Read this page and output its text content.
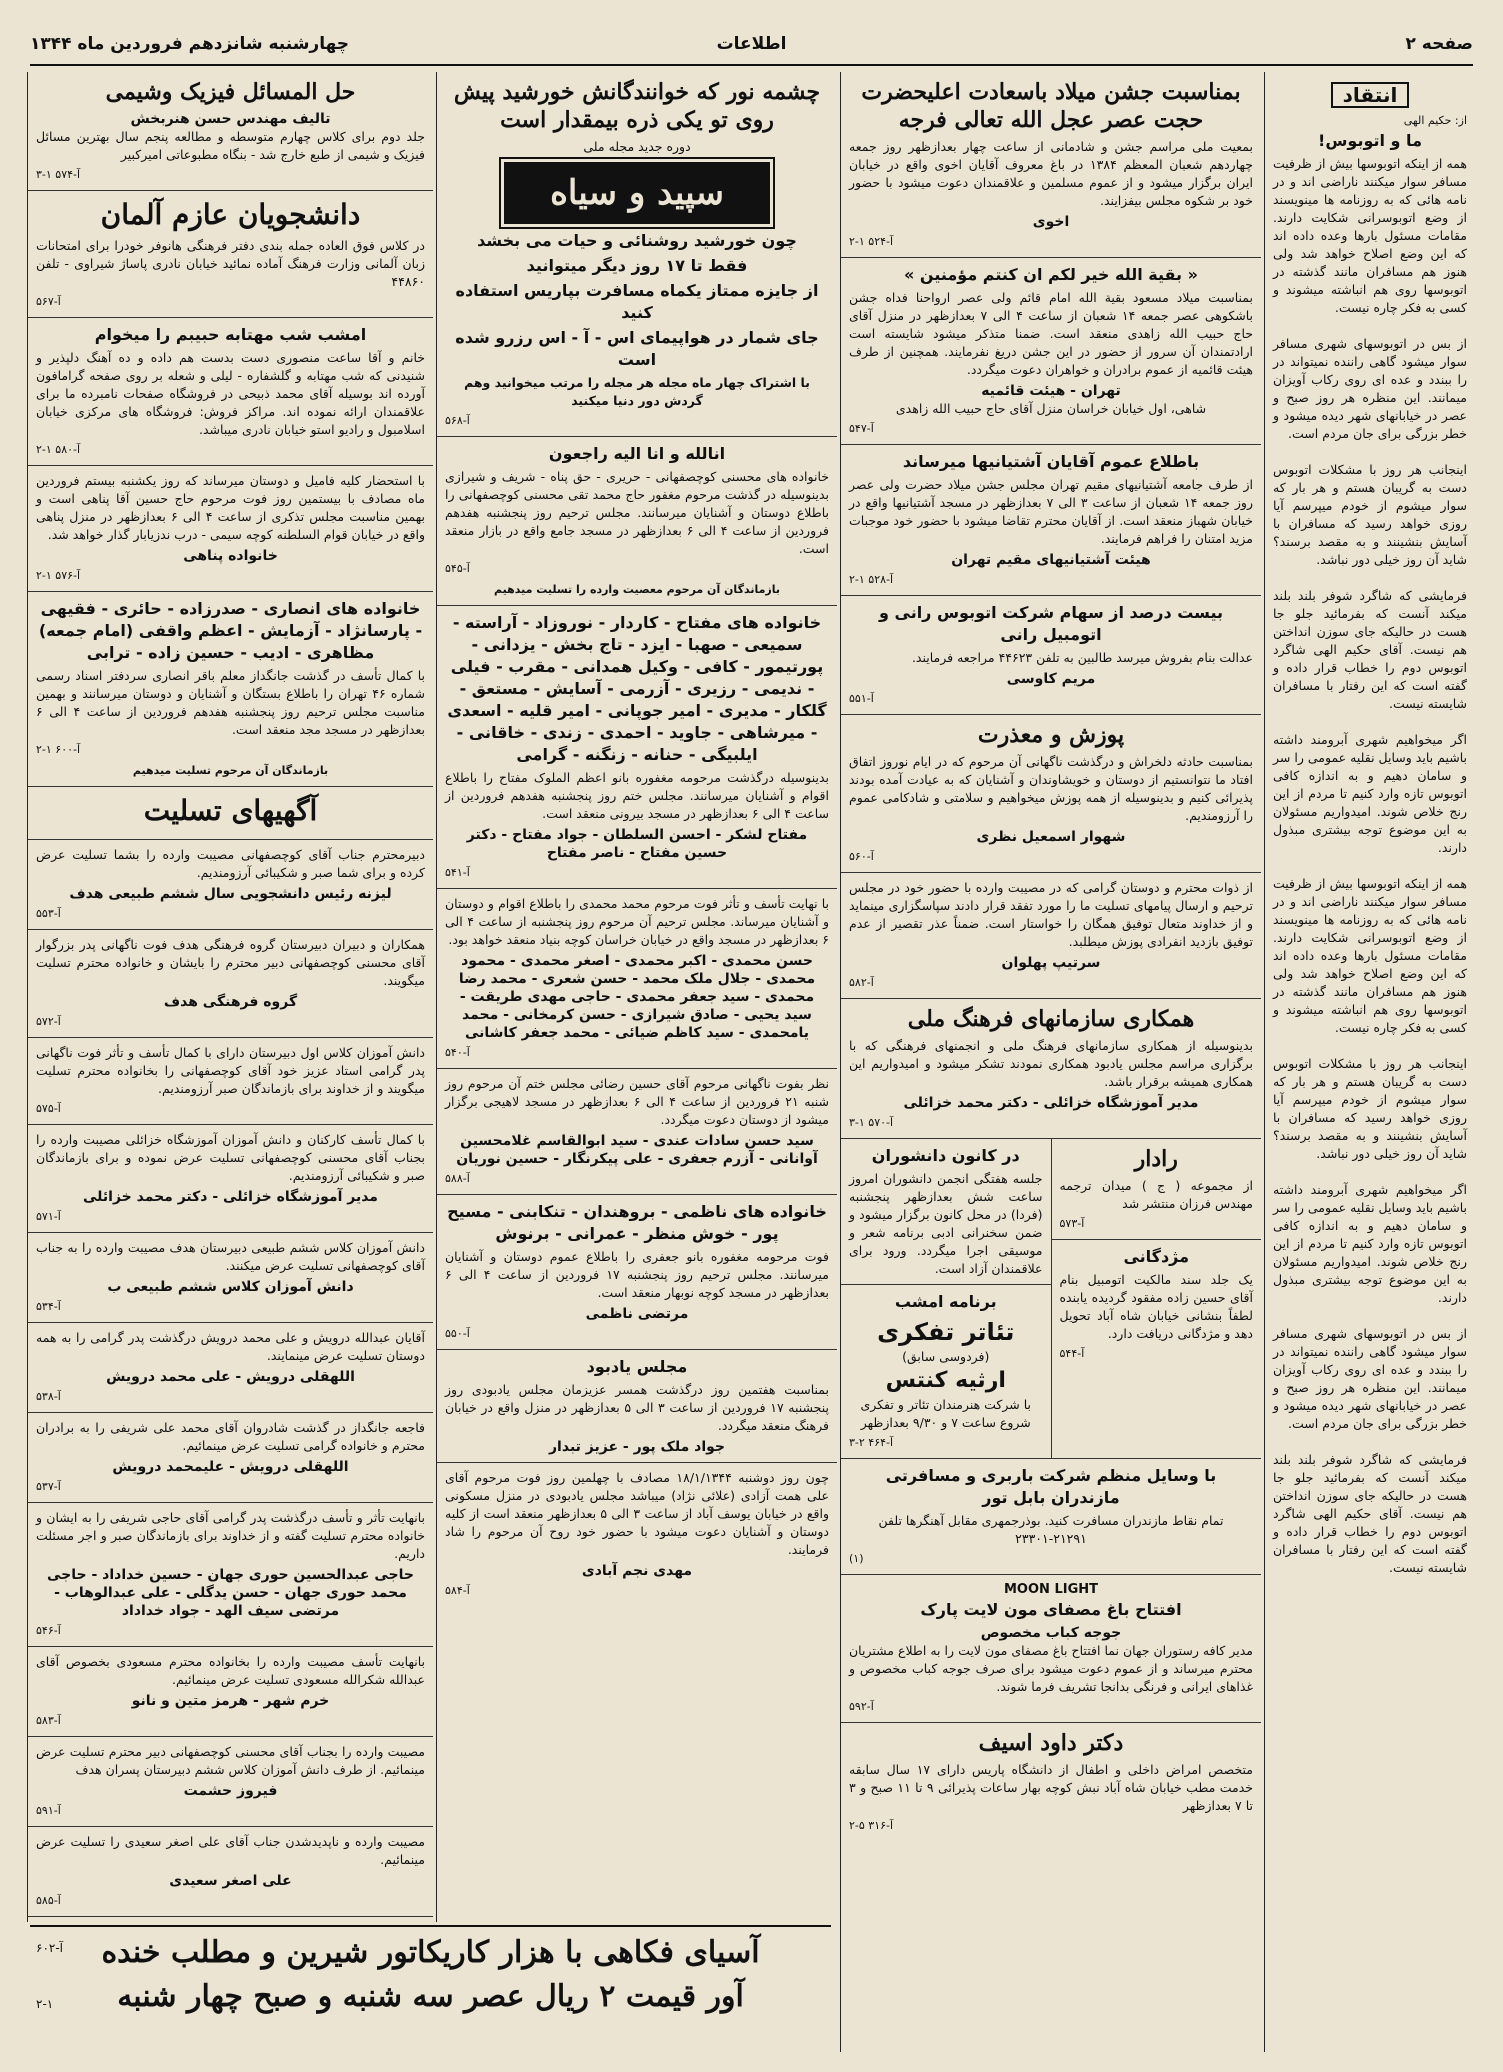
صفحه ۲
اطلاعات
چهارشنبه شانزدهم فروردین ماه ۱۳۴۴
انتقاد

از: حکیم الهی

ما و اتوبوس!

همه از اینکه اتوبوسها بیش از ظرفیت مسافر سوار میکنند ناراضی اند و در نامه هائی که به روزنامه ها مینویسند از وضع اتوبوسرانی شکایت دارند. مقامات مسئول بارها وعده داده اند که این وضع اصلاح خواهد شد ولی هنوز هم مسافران مانند گذشته در اتوبوسها روی هم انباشته میشوند و کسی به فکر چاره نیست.

از بس در اتوبوسهای شهری مسافر سوار میشود گاهی راننده نمیتواند در را ببندد و عده ای روی رکاب آویزان میمانند. این منظره هر روز صبح و عصر در خیابانهای شهر دیده میشود و خطر بزرگی برای جان مردم است.

اینجانب هر روز با مشکلات اتوبوس دست به گریبان هستم و هر بار که سوار میشوم از خودم میپرسم آیا روزی خواهد رسید که مسافران با آسایش بنشینند و به مقصد برسند؟ شاید آن روز خیلی دور نباشد.

فرمایشی که شاگرد شوفر بلند بلند میکند آنست که بفرمائید جلو جا هست در حالیکه جای سوزن انداختن هم نیست. آقای حکیم الهی شاگرد اتوبوس دوم را خطاب قرار داده و گفته است که این رفتار با مسافران شایسته نیست.

اگر میخواهیم شهری آبرومند داشته باشیم باید وسایل نقلیه عمومی را سر و سامان دهیم و به اندازه کافی اتوبوس تازه وارد کنیم تا مردم از این رنج خلاص شوند. امیدواریم مسئولان به این موضوع توجه بیشتری مبذول دارند.

همه از اینکه اتوبوسها بیش از ظرفیت مسافر سوار میکنند ناراضی اند و در نامه هائی که به روزنامه ها مینویسند از وضع اتوبوسرانی شکایت دارند. مقامات مسئول بارها وعده داده اند که این وضع اصلاح خواهد شد ولی هنوز هم مسافران مانند گذشته در اتوبوسها روی هم انباشته میشوند و کسی به فکر چاره نیست.

اینجانب هر روز با مشکلات اتوبوس دست به گریبان هستم و هر بار که سوار میشوم از خودم میپرسم آیا روزی خواهد رسید که مسافران با آسایش بنشینند و به مقصد برسند؟ شاید آن روز خیلی دور نباشد.

اگر میخواهیم شهری آبرومند داشته باشیم باید وسایل نقلیه عمومی را سر و سامان دهیم و به اندازه کافی اتوبوس تازه وارد کنیم تا مردم از این رنج خلاص شوند. امیدواریم مسئولان به این موضوع توجه بیشتری مبذول دارند.

از بس در اتوبوسهای شهری مسافر سوار میشود گاهی راننده نمیتواند در را ببندد و عده ای روی رکاب آویزان میمانند. این منظره هر روز صبح و عصر در خیابانهای شهر دیده میشود و خطر بزرگی برای جان مردم است.

فرمایشی که شاگرد شوفر بلند بلند میکند آنست که بفرمائید جلو جا هست در حالیکه جای سوزن انداختن هم نیست. آقای حکیم الهی شاگرد اتوبوس دوم را خطاب قرار داده و گفته است که این رفتار با مسافران شایسته نیست.

بمناسبت جشن میلاد باسعادت اعلیحضرت حجت عصر عجل الله تعالی فرجه

بمعیت ملی مراسم جشن و شادمانی از ساعت چهار بعدازظهر روز جمعه چهاردهم شعبان المعظم ۱۳۸۴ در باغ معروف آقایان اخوی واقع در خیابان ایران برگزار میشود و از عموم مسلمین و علاقمندان دعوت میشود با حضور خود بر شکوه مجلس بیفزایند.

اخوی
۲-۱ آ-۵۲۴
« بقیة الله خیر لکم ان کنتم مؤمنین »

بمناسبت میلاد مسعود بقیة الله امام قائم ولی عصر ارواحنا فداه جشن باشکوهی عصر جمعه ۱۴ شعبان از ساعت ۴ الی ۷ بعدازظهر در منزل آقای حاج حبیب الله زاهدی منعقد است. ضمنا متذکر میشود شایسته است ارادتمندان آن سرور از حضور در این جشن دریغ نفرمایند. همچنین از طرف هیئت قائمیه از عموم برادران و خواهران دعوت میگردد.

تهران - هیئت قائمیه

شاهی، اول خیابان خراسان منزل آقای حاج حبیب الله زاهدی

آ-۵۴۷
باطلاع عموم آقایان آشتیانیها میرساند

از طرف جامعه آشتیانیهای مقیم تهران مجلس جشن میلاد حضرت ولی عصر روز جمعه ۱۴ شعبان از ساعت ۳ الی ۷ بعدازظهر در مسجد آشتیانیها واقع در خیابان شهباز منعقد است. از آقایان محترم تقاضا میشود با حضور خود موجبات مزید امتنان را فراهم فرمایند.

هیئت آشتیانیهای مقیم تهران
۲-۱ آ-۵۲۸
بیست درصد از سهام شرکت اتوبوس رانی و اتومبیل رانی

عدالت بنام بفروش میرسد طالبین به تلفن ۴۴۶۲۳ مراجعه فرمایند.

مریم کاوسی
آ-۵۵۱
پوزش و معذرت

بمناسبت حادثه دلخراش و درگذشت ناگهانی آن مرحوم که در ایام نوروز اتفاق افتاد ما نتوانستیم از دوستان و خویشاوندان و آشنایان که به عیادت آمده بودند پذیرائی کنیم و بدینوسیله از همه پوزش میخواهیم و سلامتی و شادکامی عموم را آرزومندیم.

شهوار اسمعیل نظری
آ-۵۶۰

از ذوات محترم و دوستان گرامی که در مصیبت وارده با حضور خود در مجلس ترحیم و ارسال پیامهای تسلیت ما را مورد تفقد قرار دادند سپاسگزاری مینماید و از خداوند متعال توفیق همگان را خواستار است. ضمناً عذر تقصیر از عدم توفیق بازدید انفرادی پوزش میطلبد.

سرتیپ پهلوان
آ-۵۸۲
همکاری سازمانهای فرهنگ ملی

بدینوسیله از همکاری سازمانهای فرهنگ ملی و انجمنهای فرهنگی که با برگزاری مراسم مجلس یادبود همکاری نمودند تشکر میشود و امیدواریم این همکاری همیشه برقرار باشد.

مدیر آموزشگاه خزائلی - دکتر محمد خزائلی
۳-۱ آ-۵۷۰
رادار

از مجموعه ( ج ) میدان ترجمه مهندس فرزان منتشر شد

آ-۵۷۳
مژدگانی

یک جلد سند مالکیت اتومبیل بنام آقای حسین زاده مفقود گردیده یابنده لطفاً بنشانی خیابان شاه آباد تحویل دهد و مژدگانی دریافت دارد.

آ-۵۴۴
در کانون دانشوران

جلسه هفتگی انجمن دانشوران امروز ساعت شش بعدازظهر پنجشنبه (فردا) در محل کانون برگزار میشود و ضمن سخنرانی ادبی برنامه شعر و موسیقی اجرا میگردد. ورود برای علاقمندان آزاد است.

برنامه امشب
تئاتر تفکری
(فردوسی سابق)
ارثیه کنتس

با شرکت هنرمندان تئاتر و تفکری شروع ساعت ۷ و ۹/۳۰ بعدازظهر

۳-۲ آ-۴۶۴
با وسایل منظم شرکت باربری و مسافرتی مازندران بابل تور

تمام نقاط مازندران مسافرت کنید. بوذرجمهری مقابل آهنگرها تلفن ۲۱۲۹۱-۲۳۳۰۱

(۱)
MOON LIGHT
افتتاح باغ مصفای مون لایت پارک
جوجه کباب مخصوص

مدیر کافه رستوران جهان نما افتتاح باغ مصفای مون لایت را به اطلاع مشتریان محترم میرساند و از عموم دعوت میشود برای صرف جوجه کباب مخصوص و غذاهای ایرانی و فرنگی بدانجا تشریف فرما شوند.

آ-۵۹۲
دکتر داود اسیف

متخصص امراض داخلی و اطفال از دانشگاه پاریس دارای ۱۷ سال سابقه خدمت مطب خیابان شاه آباد نبش کوچه بهار ساعات پذیرائی ۹ تا ۱۱ صبح و ۳ تا ۷ بعدازظهر

۲-۵ آ-۳۱۶
چشمه نور که خوانندگانش خورشید پیش روی تو یکی ذره بیمقدار است
دوره جدید مجله ملی
سپید و سیاه
چون خورشید روشنائی و حیات می بخشد
فقط تا ۱۷ روز دیگر میتوانید
از جایزه ممتاز یکماه مسافرت بپاریس استفاده کنید
جای شمار در هواپیمای اس - آ - اس رزرو شده است

با اشتراک چهار ماه مجله هر مجله را مرتب میخوانید وهم گردش دور دنیا میکنید

آ-۵۶۸
انالله و انا الیه راجعون

خانواده های محسنی کوچصفهانی - حریری - حق پناه - شریف و شیرازی بدینوسیله در گذشت مرحوم مغفور حاج محمد تقی محسنی کوچصفهانی را باطلاع دوستان و آشنایان میرسانند. مجلس ترحیم روز پنجشنبه هفدهم فروردین از ساعت ۴ الی ۶ بعدازظهر در مسجد جامع واقع در بازار منعقد است.

آ-۵۴۵
بازماندگان آن مرحوم معصیت وارده را تسلیت میدهیم
خانواده های مفتاح - کاردار - نوروزاد - آراسته - سمیعی - صهبا - ایزد - تاج بخش - یزدانی - پورتیمور - کافی - وکیل همدانی - مقرب - فیلی - ندیمی - رزیری - آزرمی - آسایش - مستعق - گلکار - مدیری - امیر جوپانی - امیر قلیه - اسعدی - میرشاهی - جاوید - احمدی - زندی - خاقانی - ایلبیگی - حنانه - زنگنه - گرامی

بدینوسیله درگذشت مرحومه مغفوره بانو اعظم الملوک مفتاح را باطلاع اقوام و آشنایان میرسانند. مجلس ختم روز پنجشنبه هفدهم فروردین از ساعت ۴ الی ۶ بعدازظهر در مسجد بیرونی منعقد است.

مفتاح لشکر - احسن السلطان - جواد مفتاح - دکتر حسین مفتاح - ناصر مفتاح
آ-۵۴۱

با نهایت تأسف و تأثر فوت مرحوم محمد محمدی را باطلاع اقوام و دوستان و آشنایان میرساند. مجلس ترحیم آن مرحوم روز پنجشنبه از ساعت ۴ الی ۶ بعدازظهر در مسجد واقع در خیابان خراسان کوچه بنیاد منعقد خواهد بود.

حسن محمدی - اکبر محمدی - اصغر محمدی - محمود محمدی - جلال ملک محمد - حسن شعری - محمد رضا محمدی - سید جعفر محمدی - حاجی مهدی طریقت - سید یحیی - صادق شیرازی - حسن کرمخانی - محمد یامحمدی - سید کاظم ضیائی - محمد جعفر کاشانی
آ-۵۴۰

نظر بفوت ناگهانی مرحوم آقای حسین رضائی مجلس ختم آن مرحوم روز شنبه ۲۱ فروردین از ساعت ۴ الی ۶ بعدازظهر در مسجد لاهیجی برگزار میشود از دوستان دعوت میگردد.

سید حسن سادات عندی - سید ابوالقاسم غلامحسین آوانانی - آزرم جعفری - علی پیکرنگار - حسین نوریان
آ-۵۸۸
خانواده های ناظمی - بروهندان - تنکابنی - مسیح پور - خوش منظر - عمرانی - برنوش

فوت مرحومه مغفوره بانو جعفری را باطلاع عموم دوستان و آشنایان میرسانند. مجلس ترحیم روز پنجشنبه ۱۷ فروردین از ساعت ۴ الی ۶ بعدازظهر در مسجد کوچه نوبهار منعقد است.

مرتضی ناظمی
آ-۵۵۰
مجلس یادبود

بمناسبت هفتمین روز درگذشت همسر عزیزمان مجلس یادبودی روز پنجشنبه ۱۷ فروردین از ساعت ۳ الی ۵ بعدازظهر در منزل واقع در خیابان فرهنگ منعقد میگردد.

جواد ملک پور - عزیز تبدار

چون روز دوشنبه ۱۸/۱/۱۳۴۴ مصادف با چهلمین روز فوت مرحوم آقای علی همت آزادی (علائی نژاد) میباشد مجلس یادبودی در منزل مسکونی واقع در خیابان یوسف آباد از ساعت ۳ الی ۵ بعدازظهر منعقد است از کلیه دوستان و آشنایان دعوت میشود با حضور خود روح آن مرحوم را شاد فرمایند.

مهدی نجم آبادی
آ-۵۸۴
حل المسائل فیزیک وشیمی
تالیف مهندس حسن هنربخش

جلد دوم برای کلاس چهارم متوسطه و مطالعه پنجم سال بهترین مسائل فیزیک و شیمی از طبع خارج شد - بنگاه مطبوعاتی امیرکبیر

۳-۱ آ-۵۷۴
دانشجویان عازم آلمان

در کلاس فوق العاده جمله بندی دفتر فرهنگی هانوفر خودرا برای امتحانات زبان آلمانی وزارت فرهنگ آماده نمائید خیابان نادری پاساژ شیراوی - تلفن ۴۴۸۶۰

آ-۵۶۷
امشب شب مهتابه حبیبم را میخوام

خانم و آقا ساعت منصوری دست بدست هم داده و ده آهنگ دلپذیر و شنیدنی که شب مهتابه و گلشفاره - لیلی و شعله بر روی صفحه گرامافون آورده اند بوسیله آقای محمد ذبیحی در فروشگاه صفحات نامبرده ما برای علاقمندان ارائه نموده اند. مراکز فروش: فروشگاه های مرکزی خیابان اسلامبول و رادیو استو خیابان نادری میباشد.

۲-۱ آ-۵۸۰

با استحضار کلیه فامیل و دوستان میرساند که روز یکشنبه بیستم فروردین ماه مصادف با بیستمین روز فوت مرحوم حاج حسین آقا پناهی است و بهمین مناسبت مجلس تذکری از ساعت ۴ الی ۶ بعدازظهر در منزل پناهی واقع در خیابان قوام السلطنه کوچه سیمی - درب ندزیابار گذار خواهد شد.

خانواده پناهی
۲-۱ آ-۵۷۶
خانواده های انصاری - صدرزاده - حائری - فقیهی - پارسانژاد - آزمایش - اعظم واقفی (امام جمعه) مظاهری - ادیب - حسین زاده - ترابی

با کمال تأسف در گذشت جانگداز معلم باقر انصاری سردفتر اسناد رسمی شماره ۴۶ تهران را باطلاع بستگان و آشنایان و دوستان میرسانند و بهمین مناسبت مجلس ترحیم روز پنجشنبه هفدهم فروردین از ساعت ۴ الی ۶ بعدازظهر در مسجد مجد منعقد است.

۲-۱ آ-۶۰۰
بازماندگان آن مرحوم تسلیت میدهیم
آگهیهای تسلیت

دبیرمحترم جناب آقای کوچصفهانی مصیبت وارده را بشما تسلیت عرض کرده و برای شما صبر و شکیبائی آرزومندیم.

لیزنه رئیس دانشجویی سال ششم طبیعی هدف
آ-۵۵۳

همکاران و دبیران دبیرستان گروه فرهنگی هدف فوت ناگهانی پدر بزرگوار آقای محسنی کوچصفهانی دبیر محترم را بایشان و خانواده محترم تسلیت میگویند.

گروه فرهنگی هدف
آ-۵۷۲

دانش آموزان کلاس اول دبیرستان دارای با کمال تأسف و تأثر فوت ناگهانی پدر گرامی استاد عزیز خود آقای کوچصفهانی را بخانواده محترم تسلیت میگویند و از خداوند برای بازماندگان صبر آرزومندیم.

آ-۵۷۵

با کمال تأسف کارکنان و دانش آموزان آموزشگاه خزائلی مصیبت وارده را بجناب آقای محسنی کوچصفهانی تسلیت عرض نموده و برای بازماندگان صبر و شکیبائی آرزومندیم.

مدیر آموزشگاه خزائلی - دکتر محمد خزائلی
آ-۵۷۱

دانش آموزان کلاس ششم طبیعی دبیرستان هدف مصیبت وارده را به جناب آقای کوچصفهانی تسلیت عرض میکنند.

دانش آموزان کلاس ششم طبیعی ب
آ-۵۳۴

آقایان عبدالله درویش و علی محمد درویش درگذشت پدر گرامی را به همه دوستان تسلیت عرض مینمایند.

اللهقلی درویش - علی محمد درویش
آ-۵۳۸

فاجعه جانگداز در گذشت شادروان آقای محمد علی شریفی را به برادران محترم و خانواده گرامی تسلیت عرض مینمائیم.

اللهقلی درویش - علیمحمد درویش
آ-۵۳۷

بانهایت تأثر و تأسف درگذشت پدر گرامی آقای حاجی شریفی را به ایشان و خانواده محترم تسلیت گفته و از خداوند برای بازماندگان صبر و اجر مسئلت داریم.

حاجی عبدالحسین حوری جهان - حسین خداداد - حاجی محمد حوری جهان - حسن یدگلی - علی عبدالوهاب - مرتضی سیف الهد - جواد خداداد
آ-۵۴۶

بانهایت تأسف مصیبت وارده را بخانواده محترم مسعودی بخصوص آقای عبدالله شکرالله مسعودی تسلیت عرض مینمائیم.

خرم شهر - هرمز متین و نانو
آ-۵۸۳

مصیبت وارده را بجناب آقای محسنی کوچصفهانی دبیر محترم تسلیت عرض مینمائیم. از طرف دانش آموزان کلاس ششم دبیرستان پسران هدف

فیروز حشمت
آ-۵۹۱

مصیبت وارده و ناپدیدشدن جناب آقای علی اصغر سعیدی را تسلیت عرض مینمائیم.

علی اصغر سعیدی
آ-۵۸۵

آسیای فکاهی با هزار کاریکاتور شیرین و مطلب خنده
آور قیمت ۲ ریال عصر سه شنبه و صبح چهار شنبه
آ-۶۰۲
۲-۱
